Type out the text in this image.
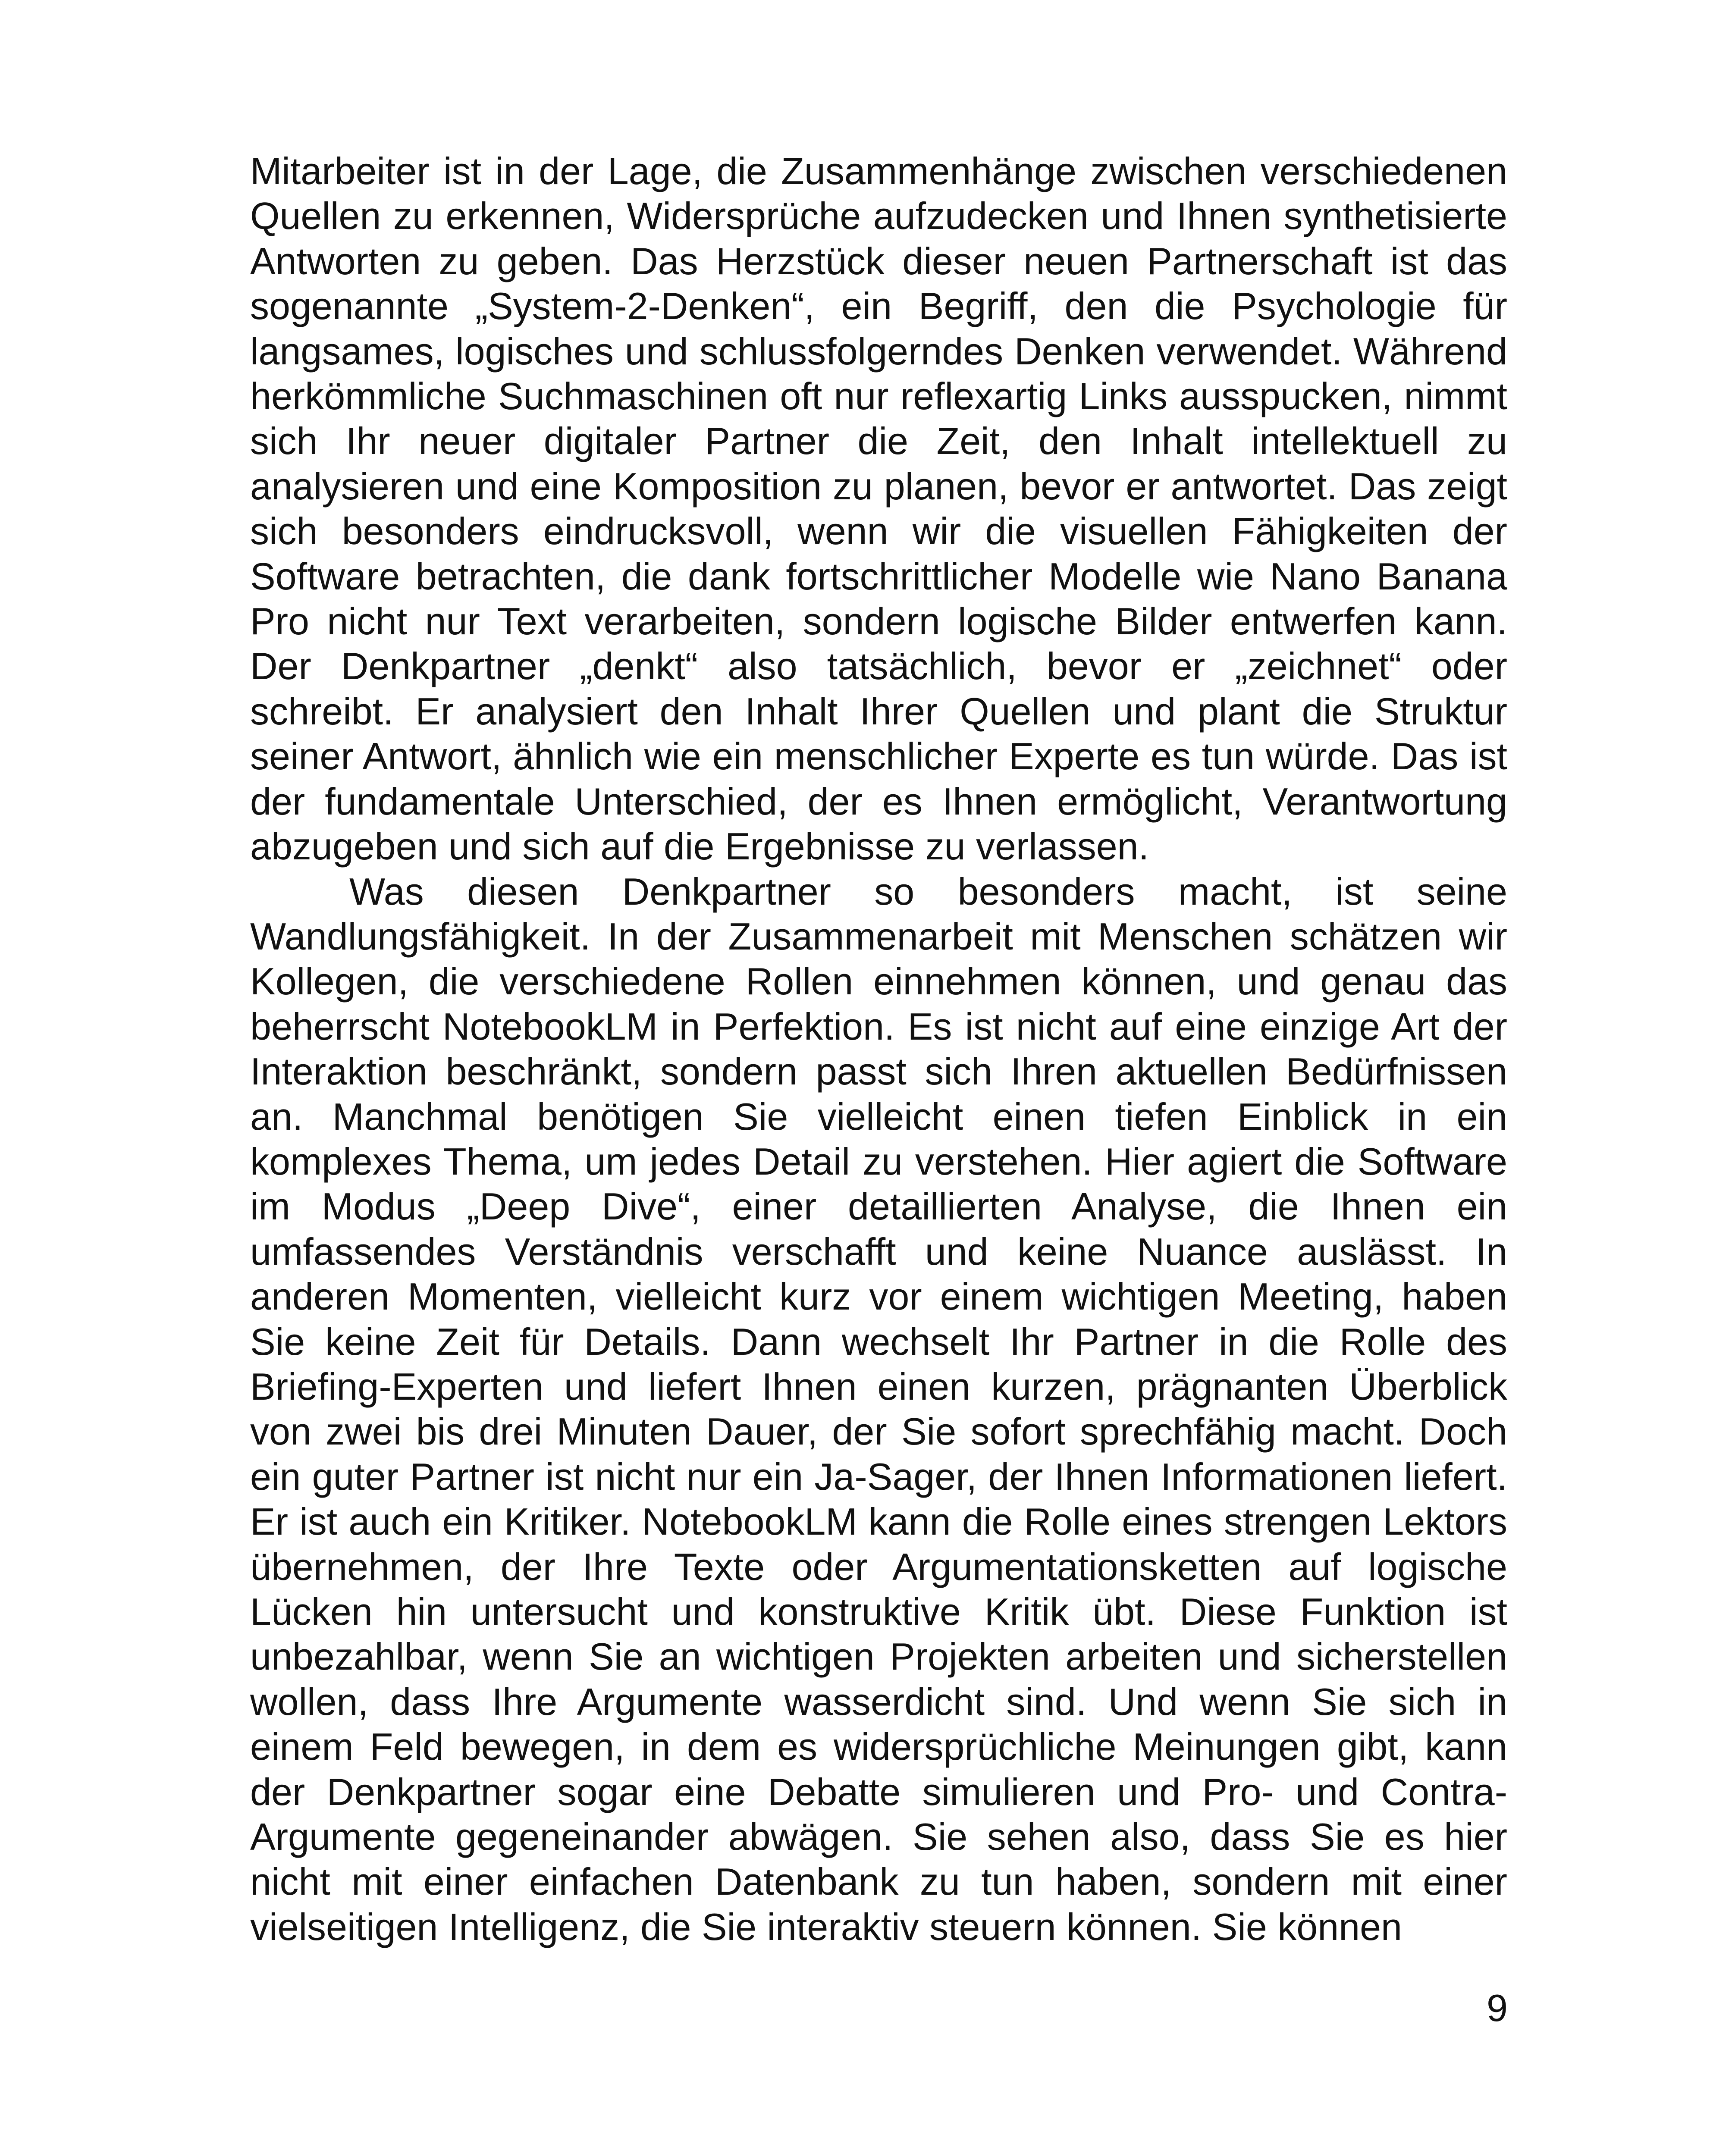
Mitarbeiter ist in der Lage, die Zusammenhänge zwischen verschiedenen Quellen zu erkennen, Widersprüche aufzudecken und Ihnen synthetisierte Antworten zu geben. Das Herzstück dieser neuen Partnerschaft ist das sogenannte „System-2-Denken“, ein Begriff, den die Psychologie für langsames, logisches und schlussfolgerndes Denken verwendet. Während herkömmliche Suchmaschinen oft nur reflexartig Links ausspucken, nimmt sich Ihr neuer digitaler Partner die Zeit, den Inhalt intellektuell zu analysieren und eine Komposition zu planen, bevor er antwortet. Das zeigt sich besonders eindrucksvoll, wenn wir die visuellen Fähigkeiten der Software betrachten, die dank fortschrittlicher Modelle wie Nano Banana Pro nicht nur Text verarbeiten, sondern logische Bilder entwerfen kann. Der Denkpartner „denkt“ also tatsächlich, bevor er „zeichnet“ oder schreibt. Er analysiert den Inhalt Ihrer Quellen und plant die Struktur seiner Antwort, ähnlich wie ein menschlicher Experte es tun würde. Das ist der fundamentale Unterschied, der es Ihnen ermöglicht, Verantwortung abzugeben und sich auf die Ergebnisse zu verlassen.

Was diesen Denkpartner so besonders macht, ist seine Wandlungsfähigkeit. In der Zusammenarbeit mit Menschen schätzen wir Kollegen, die verschiedene Rollen einnehmen können, und genau das beherrscht NotebookLM in Perfektion. Es ist nicht auf eine einzige Art der Interaktion beschränkt, sondern passt sich Ihren aktuellen Bedürfnissen an. Manchmal benötigen Sie vielleicht einen tiefen Einblick in ein komplexes Thema, um jedes Detail zu verstehen. Hier agiert die Software im Modus „Deep Dive“, einer detaillierten Analyse, die Ihnen ein umfassendes Verständnis verschafft und keine Nuance auslässt. In anderen Momenten, vielleicht kurz vor einem wichtigen Meeting, haben Sie keine Zeit für Details. Dann wechselt Ihr Partner in die Rolle des Briefing-Experten und liefert Ihnen einen kurzen, prägnanten Überblick von zwei bis drei Minuten Dauer, der Sie sofort sprechfähig macht. Doch ein guter Partner ist nicht nur ein Ja-Sager, der Ihnen Informationen liefert. Er ist auch ein Kritiker. NotebookLM kann die Rolle eines strengen Lektors übernehmen, der Ihre Texte oder Argumentationsketten auf logische Lücken hin untersucht und konstruktive Kritik übt. Diese Funktion ist unbezahlbar, wenn Sie an wichtigen Projekten arbeiten und sicherstellen wollen, dass Ihre Argumente wasserdicht sind. Und wenn Sie sich in einem Feld bewegen, in dem es widersprüchliche Meinungen gibt, kann der Denkpartner sogar eine Debatte simulieren und Pro- und Contra-Argumente gegeneinander abwägen. Sie sehen also, dass Sie es hier nicht mit einer einfachen Datenbank zu tun haben, sondern mit einer vielseitigen Intelligenz, die Sie interaktiv steuern können. Sie können

9
